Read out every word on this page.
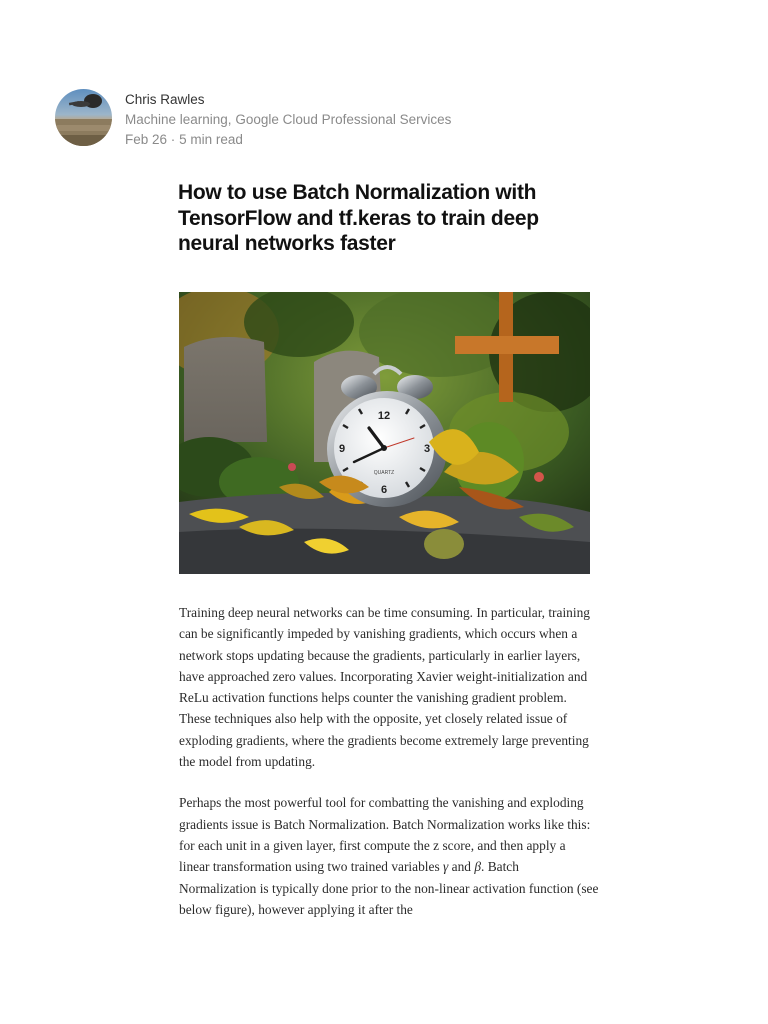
Chris Rawles
Machine learning, Google Cloud Professional Services
Feb 26 · 5 min read
How to use Batch Normalization with TensorFlow and tf.keras to train deep neural networks faster
12
3
6
9
QUARTZ

Training deep neural networks can be time consuming. In particular, training can be significantly impeded by vanishing gradients, which occurs when a network stops updating because the gradients, particularly in earlier layers, have approached zero values. Incorporating Xavier weight-initialization and ReLu activation functions helps counter the vanishing gradient problem. These techniques also help with the opposite, yet closely related issue of exploding gradients, where the gradients become extremely large preventing the model from updating.

Perhaps the most powerful tool for combatting the vanishing and exploding gradients issue is Batch Normalization. Batch Normalization works like this: for each unit in a given layer, first compute the z score, and then apply a linear transformation using two trained variables γ and β. Batch Normalization is typically done prior to the non-linear activation function (see below figure), however applying it after the
